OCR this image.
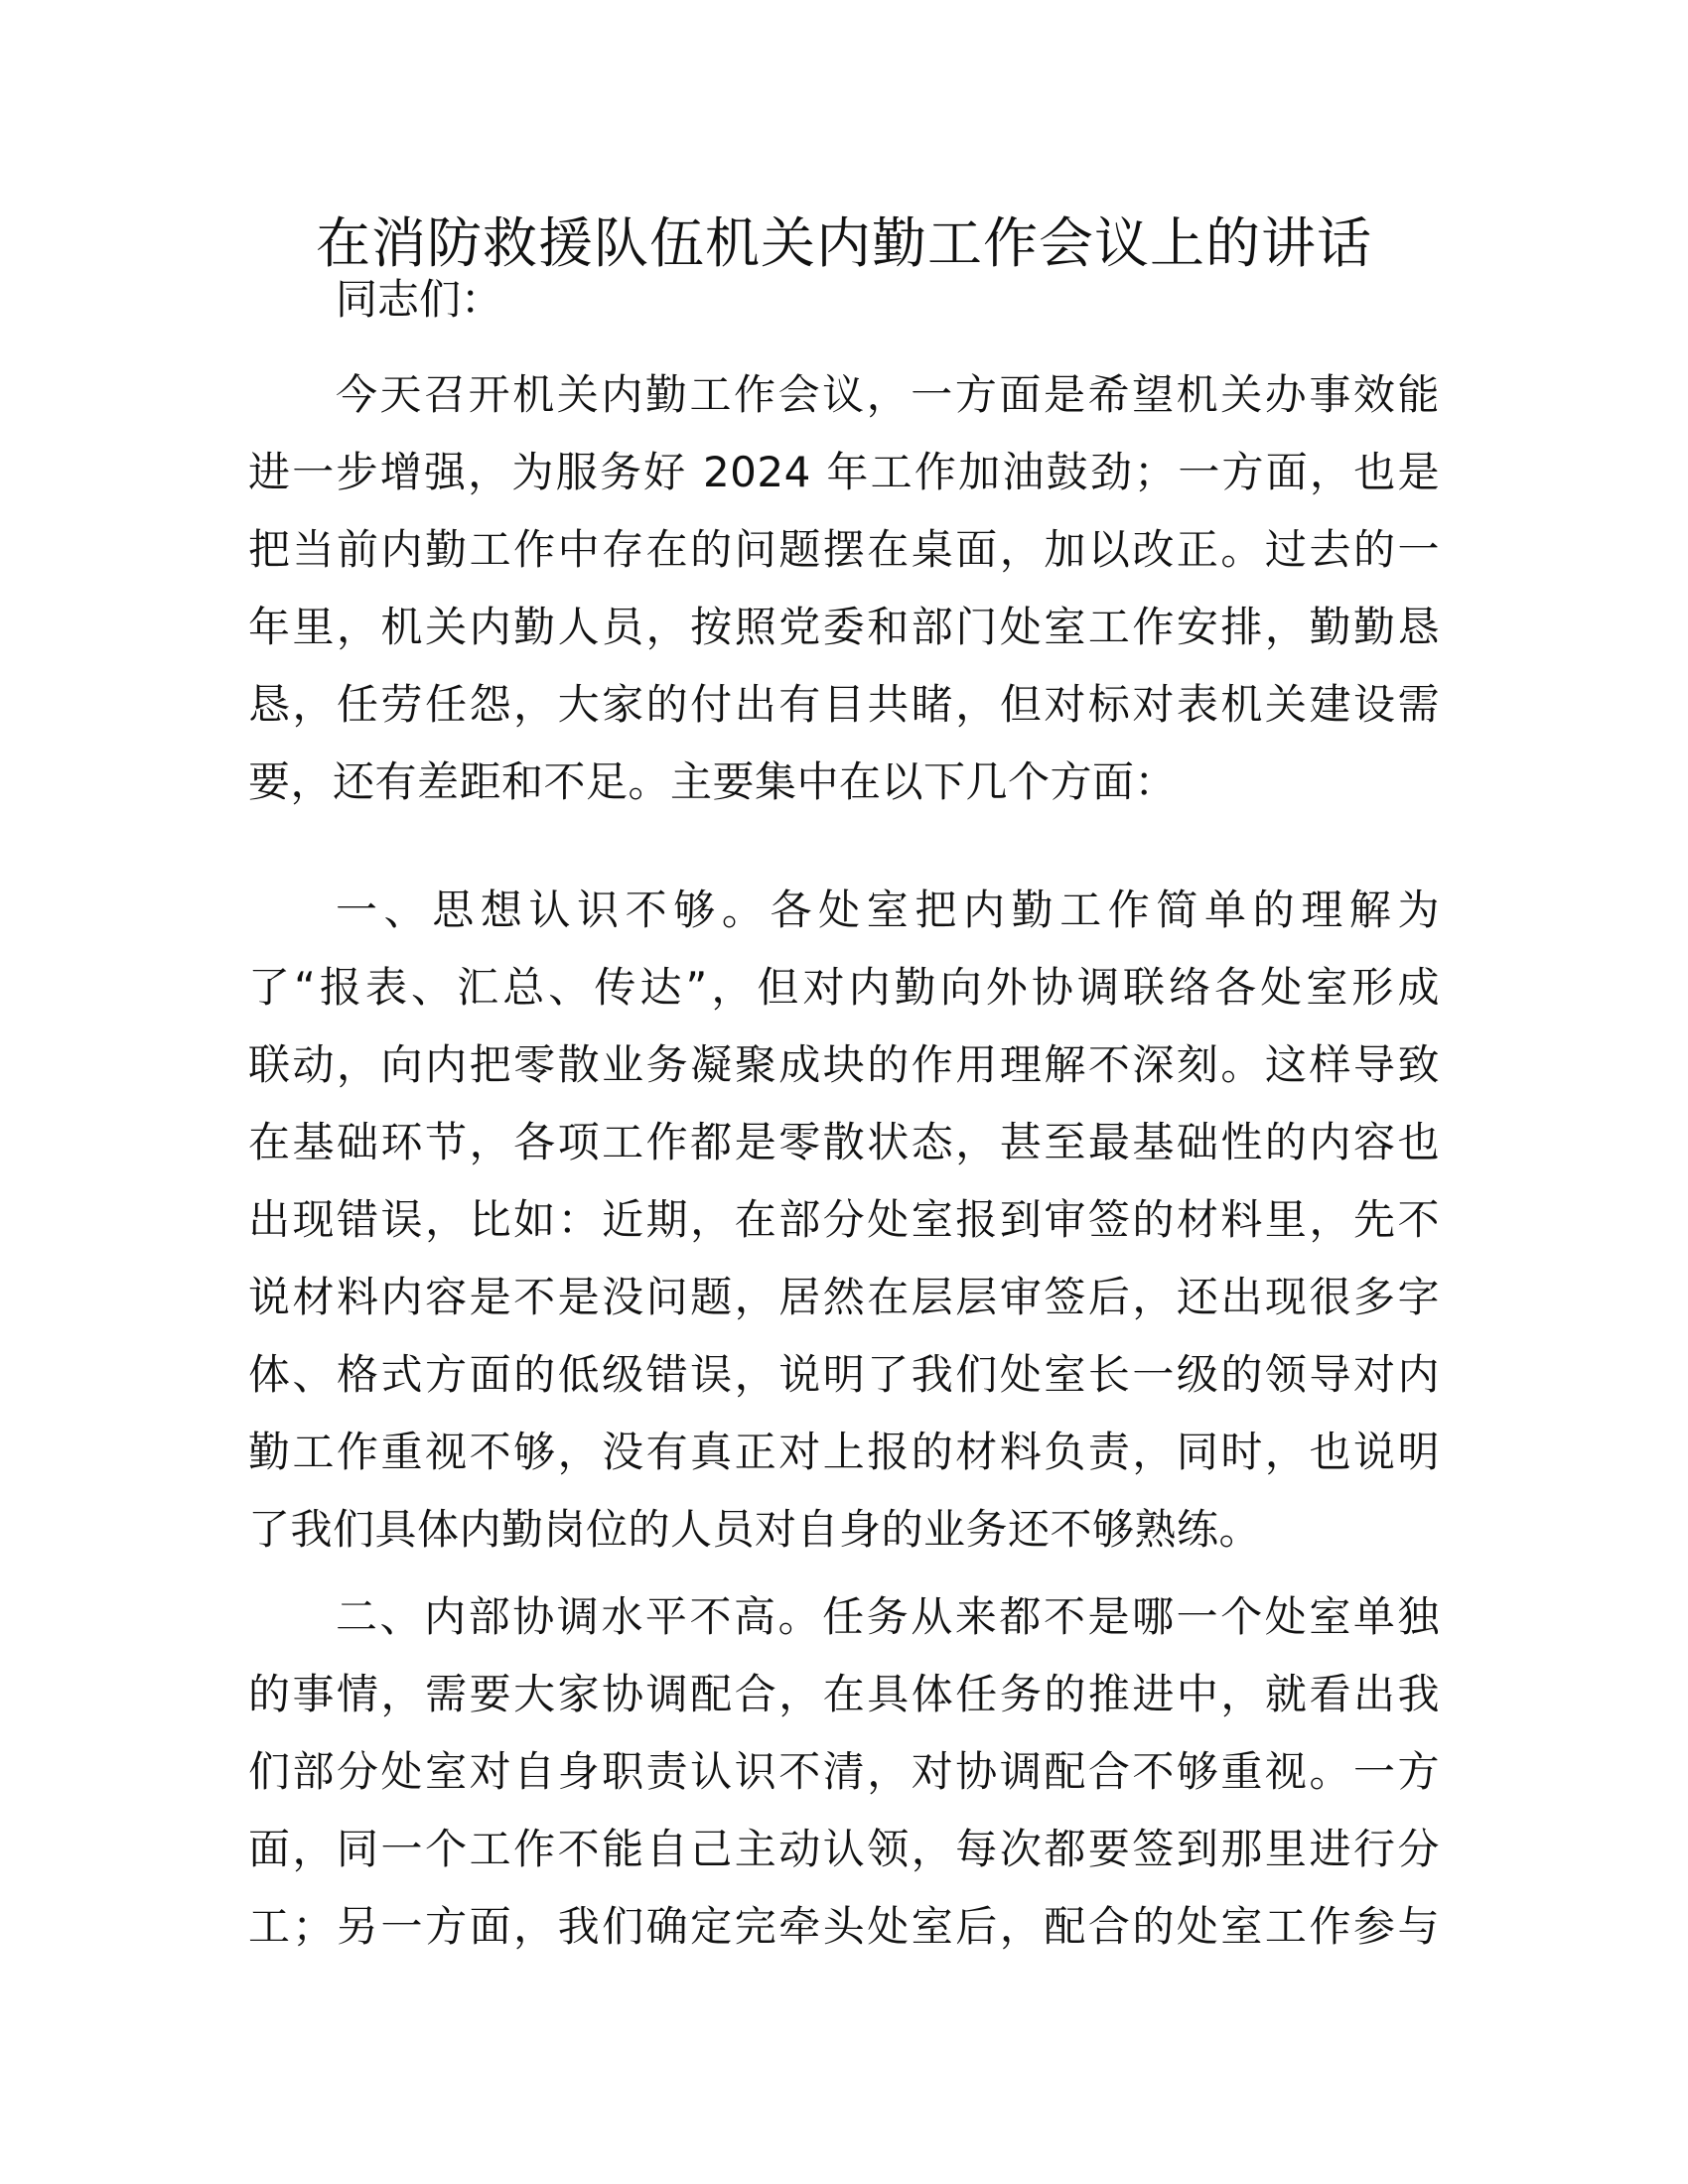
在消防救援队伍机关内勤工作会议上的讲话
同志们：
今天召开机关内勤工作会议，一方面是希望机关办事效能
进一步增强，为服务好 2024 年工作加油鼓劲；一方面，也是
把当前内勤工作中存在的问题摆在桌面，加以改正。过去的一
年里，机关内勤人员，按照党委和部门处室工作安排，勤勤恳
恳，任劳任怨，大家的付出有目共睹，但对标对表机关建设需
要，还有差距和不足。主要集中在以下几个方面：
一、思想认识不够。各处室把内勤工作简单的理解为
了“报表、汇总、传达”，但对内勤向外协调联络各处室形成
联动，向内把零散业务凝聚成块的作用理解不深刻。这样导致
在基础环节，各项工作都是零散状态，甚至最基础性的内容也
出现错误，比如：近期，在部分处室报到审签的材料里，先不
说材料内容是不是没问题，居然在层层审签后，还出现很多字
体、格式方面的低级错误，说明了我们处室长一级的领导对内
勤工作重视不够，没有真正对上报的材料负责，同时，也说明
了我们具体内勤岗位的人员对自身的业务还不够熟练。
二、内部协调水平不高。任务从来都不是哪一个处室单独
的事情，需要大家协调配合，在具体任务的推进中，就看出我
们部分处室对自身职责认识不清，对协调配合不够重视。一方
面，同一个工作不能自己主动认领，每次都要签到那里进行分
工；另一方面，我们确定完牵头处室后，配合的处室工作参与
